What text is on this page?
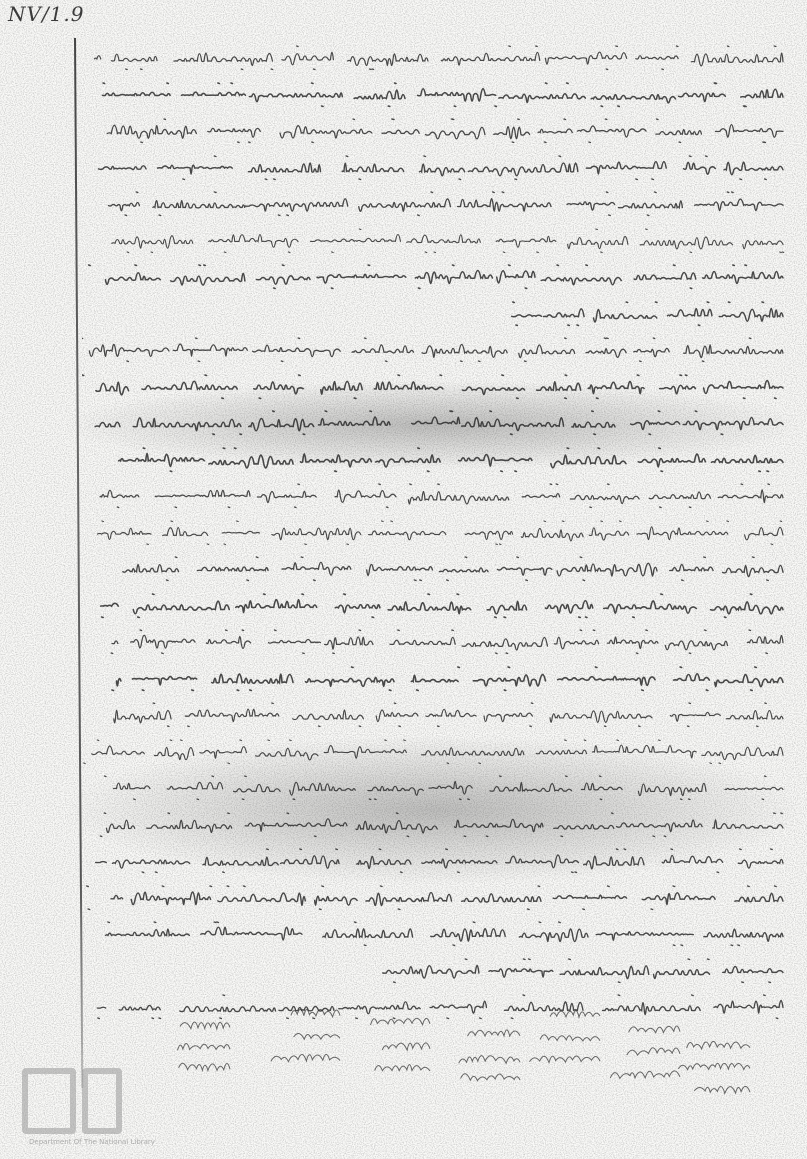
NV/1.9
Department Of The National Library
